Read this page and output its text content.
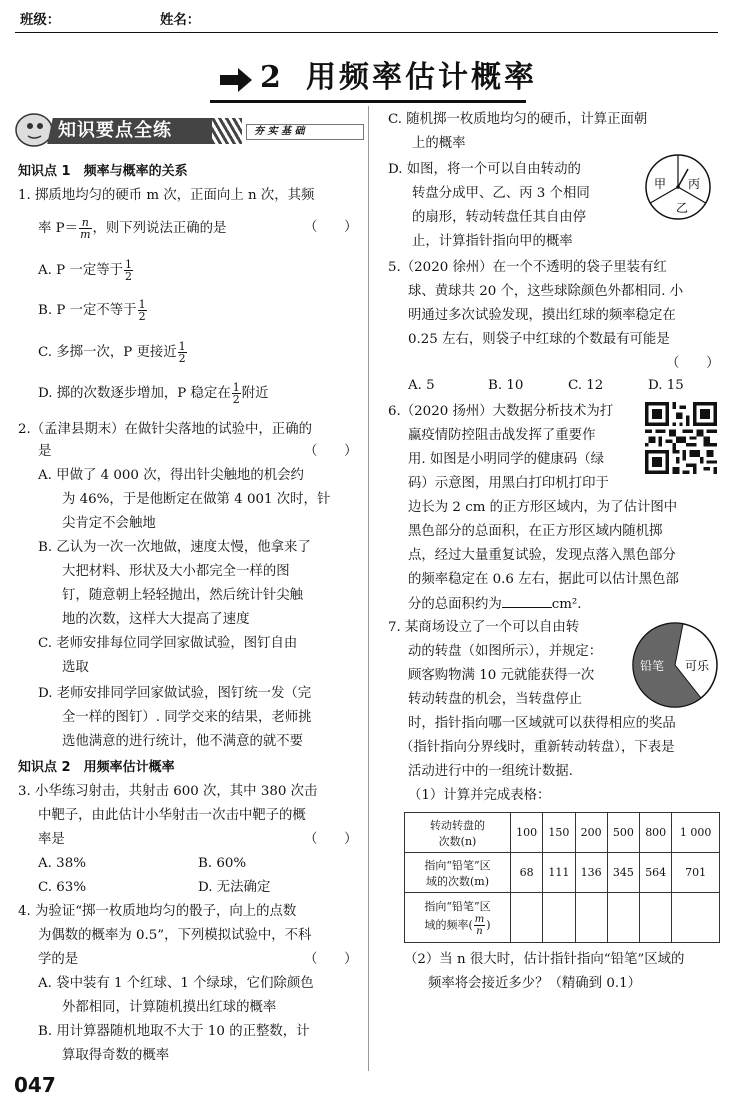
班级：	姓名：
2 用频率估计概率
知识要点全练	夯 实 基 础
知识点 1　频率与概率的关系
1. 掷质地均匀的硬币 m 次，正面向上 n 次，其频
率 $P= \frac{n}{m}$ ，则下列说法正确的是	（　　）
A. P 一定等于 $\frac{1}{2}$
B. P 一定不等于 $\frac{1}{2}$
C. 多掷一次，P 更接近 $\frac{1}{2}$
D. 掷的次数逐步增加，P 稳定在 $\frac{1}{2}$ 附近
2.（孟津县期末）在做针尖落地的试验中，正确的
是	（　　）
A. 甲做了 4 000 次，得出针尖触地的机会约
为 46%，于是他断定在做第 4 001 次时，针
尖肯定不会触地
B. 乙认为一次一次地做，速度太慢，他拿来了
大把材料、形状及大小都完全一样的图
钉，随意朝上轻轻抛出，然后统计针尖触
地的次数，这样大大提高了速度
C. 老师安排每位同学回家做试验，图钉自由
选取
D. 老师安排同学回家做试验，图钉统一发（完
全一样的图钉）. 同学交来的结果，老师挑
选他满意的进行统计，他不满意的就不要
知识点 2　用频率估计概率
3. 小华练习射击，共射击 600 次，其中 380 次击
中靶子，由此估计小华射击一次击中靶子的概
率是	（　　）
A. 38%	B. 60%
C. 63%	D. 无法确定
4. 为验证“掷一枚质地均匀的骰子，向上的点数
为偶数的概率为 0.5”，下列模拟试验中，不科
学的是	（　　）
A. 袋中装有 1 个红球、1 个绿球，它们除颜色
外都相同，计算随机摸出红球的概率
B. 用计算器随机地取不大于 10 的正整数，计
算取得奇数的概率
047
C. 随机掷一枚质地均匀的硬币，计算正面朝
上的概率
D. 如图，将一个可以自由转动的
转盘分成甲、乙、丙 3 个相同
的扇形，转动转盘任其自由停
止，计算指针指向甲的概率
甲 丙
乙
5.（2020 徐州）在一个不透明的袋子里装有红
球、黄球共 20 个，这些球除颜色外都相同. 小
明通过多次试验发现，摸出红球的频率稳定在
0.25 左右，则袋子中红球的个数最有可能是
（　　）
A. 5	B. 10	C. 12	D. 15
6.（2020 扬州）大数据分析技术为打
赢疫情防控阻击战发挥了重要作
用. 如图是小明同学的健康码（绿
码）示意图，用黑白打印机打印于
边长为 2 cm 的正方形区域内，为了估计图中
黑色部分的总面积，在正方形区域内随机掷
点，经过大量重复试验，发现点落入黑色部分
的频率稳定在 0.6 左右，据此可以估计黑色部
分的总面积约为	cm².
7. 某商场设立了一个可以自由转
动的转盘（如图所示），并规定：
顾客购物满 10 元就能获得一次
转动转盘的机会，当转盘停止
时，指针指向哪一区域就可以获得相应的奖品
（指针指向分界线时，重新转动转盘），下表是
活动进行中的一组统计数据.
（1）计算并完成表格：
铅笔 可乐
转动转盘的
次数(n)	100	150	200	500	800	1 000
指向“铅笔”区
域的次数(m)	68	111	136	345	564	701
指向“铅笔”区
域的频率( $\frac{m}{n}$ )						
（2）当 n 很大时，估计指针指向“铅笔”区域的
频率将会接近多少？（精确到 0.1）
